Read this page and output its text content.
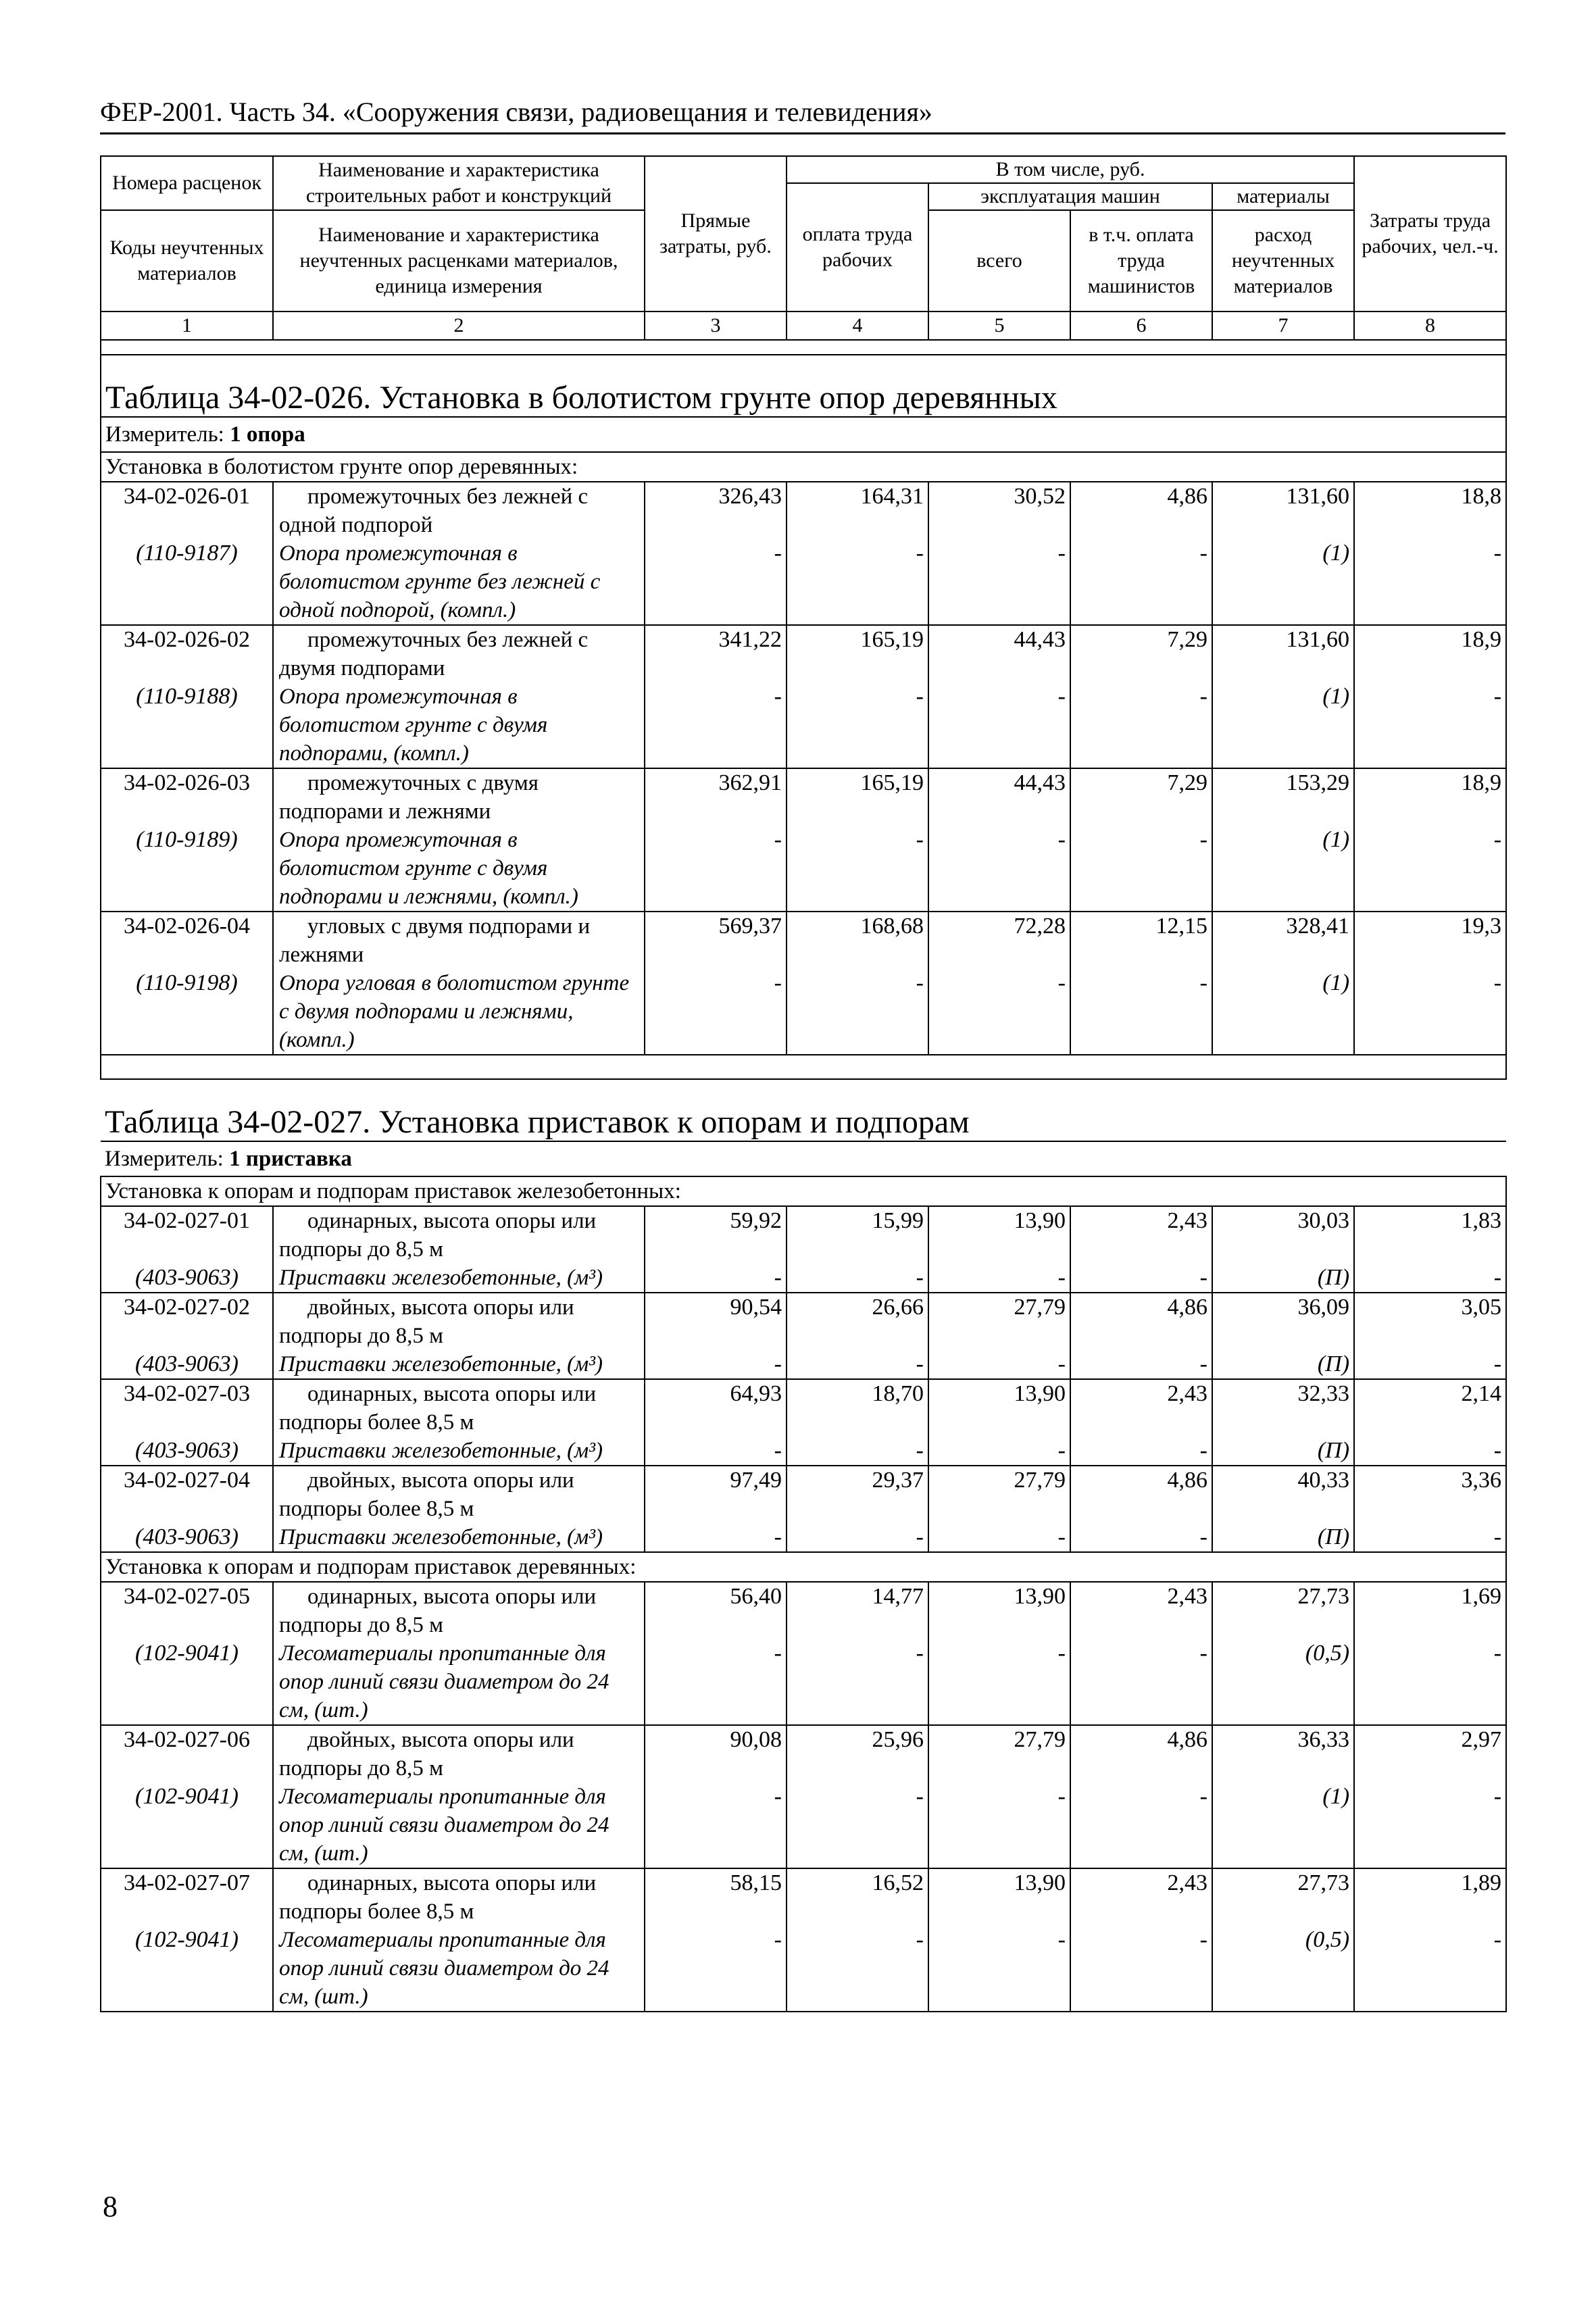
ФЕР-2001. Часть 34. «Сооружения связи, радиовещания и телевидения»
Номера расценок	Наименование и характеристика строительных работ и конструкций	Прямые затраты, руб.	В том числе, руб.				Затраты труда рабочих, чел.-ч.
			оплата труда рабочих	эксплуатация машин		материалы	
Коды неучтенных материалов	Наименование и характеристика неучтенных расценками материалов, единица измерения			всего	в т.ч. оплата труда машинистов	расход неучтенных материалов	

1	2	3	4	5	6	7	8

Таблица 34-02-026. Установка в болотистом грунте опор деревянных							
Измеритель: 1 опора							
Установка в болотистом грунте опор деревянных:							
34-02-026-01	промежуточных без лежней с одной подпорой	326,43	164,31	30,52	4,86	131,60	18,8
(110-9187)	Опора промежуточная в болотистом грунте без лежней с одной подпорой, (компл.)	-	-	-	-	(1)	-
34-02-026-02	промежуточных без лежней с двумя подпорами	341,22	165,19	44,43	7,29	131,60	18,9
(110-9188)	Опора промежуточная в болотистом грунте с двумя подпорами, (компл.)	-	-	-	-	(1)	-
34-02-026-03	промежуточных с двумя подпорами и лежнями	362,91	165,19	44,43	7,29	153,29	18,9
(110-9189)	Опора промежуточная в болотистом грунте с двумя подпорами и лежнями, (компл.)	-	-	-	-	(1)	-
34-02-026-04	угловых с двумя подпорами и лежнями	569,37	168,68	72,28	12,15	328,41	19,3
(110-9198)	Опора угловая в болотистом грунте с двумя подпорами и лежнями, (компл.)	-	-	-	-	(1)	-

Таблица 34-02-027. Установка приставок к опорам и подпорам							
Измеритель: 1 приставка							
Установка к опорам и подпорам приставок железобетонных:							
34-02-027-01	одинарных, высота опоры или подпоры до 8,5 м	59,92	15,99	13,90	2,43	30,03	1,83
(403-9063)	Приставки железобетонные, (м³)	-	-	-	-	(П)	-
34-02-027-02	двойных, высота опоры или подпоры до 8,5 м	90,54	26,66	27,79	4,86	36,09	3,05
(403-9063)	Приставки железобетонные, (м³)	-	-	-	-	(П)	-
34-02-027-03	одинарных, высота опоры или подпоры более 8,5 м	64,93	18,70	13,90	2,43	32,33	2,14
(403-9063)	Приставки железобетонные, (м³)	-	-	-	-	(П)	-
34-02-027-04	двойных, высота опоры или подпоры более 8,5 м	97,49	29,37	27,79	4,86	40,33	3,36
(403-9063)	Приставки железобетонные, (м³)	-	-	-	-	(П)	-
Установка к опорам и подпорам приставок деревянных:							
34-02-027-05	одинарных, высота опоры или подпоры до 8,5 м	56,40	14,77	13,90	2,43	27,73	1,69
(102-9041)	Лесоматериалы пропитанные для опор линий связи диаметром до 24 см, (шт.)	-	-	-	-	(0,5)	-
34-02-027-06	двойных, высота опоры или подпоры до 8,5 м	90,08	25,96	27,79	4,86	36,33	2,97
(102-9041)	Лесоматериалы пропитанные для опор линий связи диаметром до 24 см, (шт.)	-	-	-	-	(1)	-
34-02-027-07	одинарных, высота опоры или подпоры более 8,5 м	58,15	16,52	13,90	2,43	27,73	1,89
(102-9041)	Лесоматериалы пропитанные для опор линий связи диаметром до 24 см, (шт.)	-	-	-	-	(0,5)	-
8
